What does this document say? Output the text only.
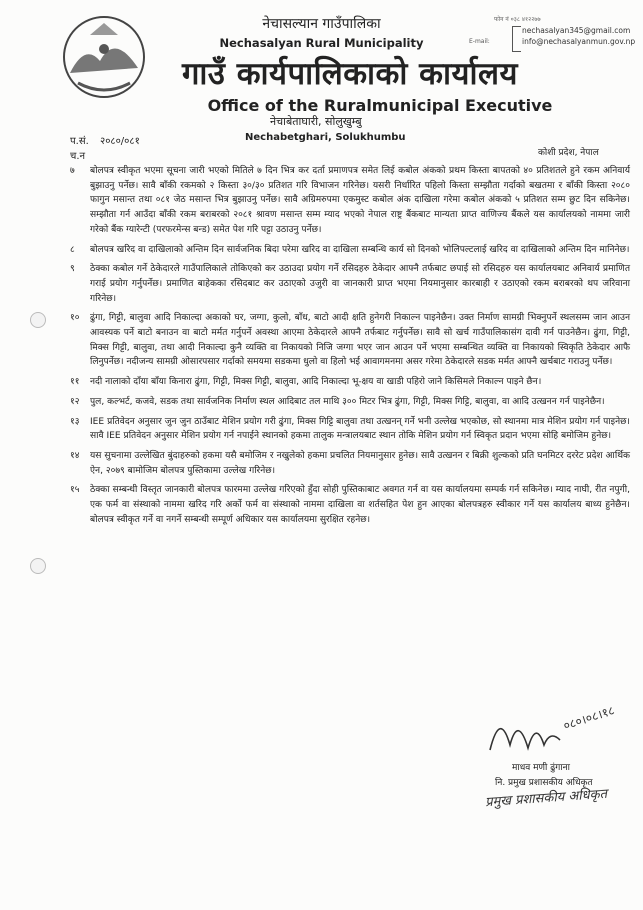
नेचासल्यान गाउँपालिका
Nechasalyan Rural Municipality
गाउँ कार्यपालिकाको कार्यालय
Office of the Ruralmunicipal Executive
नेचाबेताघारी, सोलुखुम्बु
Nechabetghari, Solukhumbu
E-mail:
फोन नं ०३८ ४१२२७७
nechasalyan345@gmail.com
info@nechasalyanmun.gov.np
प.सं. २०८०/०८१
च.न	कोशी प्रदेश, नेपाल
७	बोलपत्र स्वीकृत भएमा सूचना जारी भएको मितिले ७ दिन भित्र कर दर्ता प्रमाणपत्र समेत लिई कबोल अंकको प्रथम किस्ता बापतको ४० प्रतिशतले हुने रकम अनिवार्य बुझाउनु पर्नेछ। सावै बाँकी रकमको २ किस्ता ३०/३० प्रतिशत गरि विभाजन गरिनेछ। यसरी निर्धारित पहिलो किस्ता सम्झौता गर्दाको बखतमा र बाँकी किस्ता २०८० फागुन मसान्त तथा ०८१ जेठ मसान्त भित्र बुझाउनु पर्नेछ। सावै अग्रिमरुपमा एकमुस्ट कबोल अंक दाखिला गरेमा कबोल अंकको ५ प्रतिशत सम्म छुट दिन सकिनेछ। सम्झौता गर्न आउँदा बाँकी रकम बराबरको २०८१ श्रावण मसान्त सम्म म्याद भएको नेपाल राष्ट्र बैंकबाट मान्यता प्राप्त वाणिज्य बैंकले यस कार्यालयको नाममा जारी गरेको बैंक ग्यारेन्टी (परफरमेन्स बन्ड) समेत पेश गरि पट्टा उठाउनु पर्नेछ।
८	बोलपत्र खरिद वा दाखिलाको अन्तिम दिन सार्वजनिक बिदा परेमा खरिद वा दाखिला सम्बन्धि कार्य सो दिनको भोलिपल्टलाई खरिद वा दाखिलाको अन्तिम दिन मानिनेछ।
९	ठेक्का कबोल गर्ने ठेकेदारले गाउँपालिकाले तोकिएको कर उठाउदा प्रयोग गर्ने रसिदहरु ठेकेदार आफ्नै तर्फबाट छपाई सो रसिदहरु यस कार्यालयबाट अनिवार्य प्रमाणित गराई प्रयोग गर्नुपर्नेछ। प्रमाणित बाहेकका रसिदबाट कर उठाएको उजुरी वा जानकारी प्राप्त भएमा नियमानुसार कारबाही र उठाएको रकम बराबरको थप जरिवाना गरिनेछ।
१०	ढुंगा, गिट्टी, बालुवा आदि निकाल्दा अकाको घर, जग्गा, कुलो, बाँध, बाटो आदी क्षति हुनेगरी निकाल्न पाइनेछैन। उक्त निर्माण सामग्री भिक्नुपर्ने स्थलसम्म जान आउन आवस्यक पर्ने बाटो बनाउन वा बाटो मर्मत गर्नुपर्ने अवस्था आएमा ठेकेदारले आफ्नै तर्फबाट गर्नुपर्नेछ। सावै सो खर्च गाउँपालिकासंग दावी गर्न पाउनेछैन। ढुंगा, गिट्टी, मिक्स गिट्टी, बालुवा, तथा आदी निकाल्दा कुनै व्यक्ति वा निकायको निजि जग्गा भएर जान आउन पर्ने भएमा सम्बन्धित व्यक्ति वा निकायको स्विकृति ठेकेदार आफै लिनुपर्नेछ। नदीजन्य सामग्री ओसारपसार गर्दाको समयमा सडकमा धुलो वा हिलो भई आवागमनमा असर गरेमा ठेकेदारले सडक मर्मत आफ्नै खर्चबाट गराउनु पर्नेछ।
११	नदी नालाको दाँया बाँया किनारा ढुंगा, गिट्टी, मिक्स गिट्टी, बालुवा, आदि निकाल्दा भू-क्षय वा खाडी पहिरो जाने किसिमले निकाल्न पाइने छैन।
१२	पुल, कल्भर्ट, कजवे, सडक तथा सार्वजनिक निर्माण स्थल आदिबाट तल माथि ३०० मिटर भित्र ढुंगा, गिट्टी, मिक्स गिट्टि, बालुवा, वा आदि उत्खनन गर्न पाइनेछैन।
१३	IEE प्रतिवेदन अनुसार जुन जुन ठाउँबाट मेशिन प्रयोग गरी ढुंगा, मिक्स गिट्टि बालुवा तथा उत्खनन् गर्ने भनी उल्लेख भएकोछ, सो स्थानमा मात्र मेशिन प्रयोग गर्न पाइनेछ। सावै IEE प्रतिवेदन अनुसार मेशिन प्रयोग गर्न नपाईने स्थानको हकमा तालुक मन्त्रालयबाट स्थान तोकि मेशिन प्रयोग गर्न स्विकृत प्रदान भएमा सोहि बमोजिम हुनेछ।
१४	यस सुचनामा उल्लेखित बुंदाहरुको हकमा यसै बमोजिम र नखुलेको हकमा प्रचलित नियमानुसार हुनेछ। सावै उत्खनन र बिक्री शुल्कको प्रति घनमिटर दररेट प्रदेश आर्थिक ऐन, २०७९ बामोजिम बोलपत्र पुस्तिकामा उल्लेख गरिनेछ।
१५	ठेक्का सम्बन्धी विस्तृत जानकारी बोलपत्र फारममा उल्लेख गरिएको हुँदा सोही पुस्तिकाबाट अवगत गर्न वा यस कार्यालयमा सम्पर्क गर्न सकिनेछ। म्याद नाघी, रीत नपुगी, एक फर्म वा संस्थाको नाममा खरिद गरि अर्को फर्म वा संस्थाको नाममा दाखिला वा शर्तसहित पेश हुन आएका बोलपत्रहरु स्वीकार गर्ने यस कार्यालय बाध्य हुनेछैन। बोलपत्र स्वीकृत गर्ने वा नगर्ने सम्बन्धी सम्पूर्ण अधिकार यस कार्यालयमा सुरक्षित रहनेछ।
०८०।०८।१८
माधव मणी ढुंगाना
नि. प्रमुख प्रशासकीय अधिकृत
प्रमुख प्रशासकीय अधिकृत
